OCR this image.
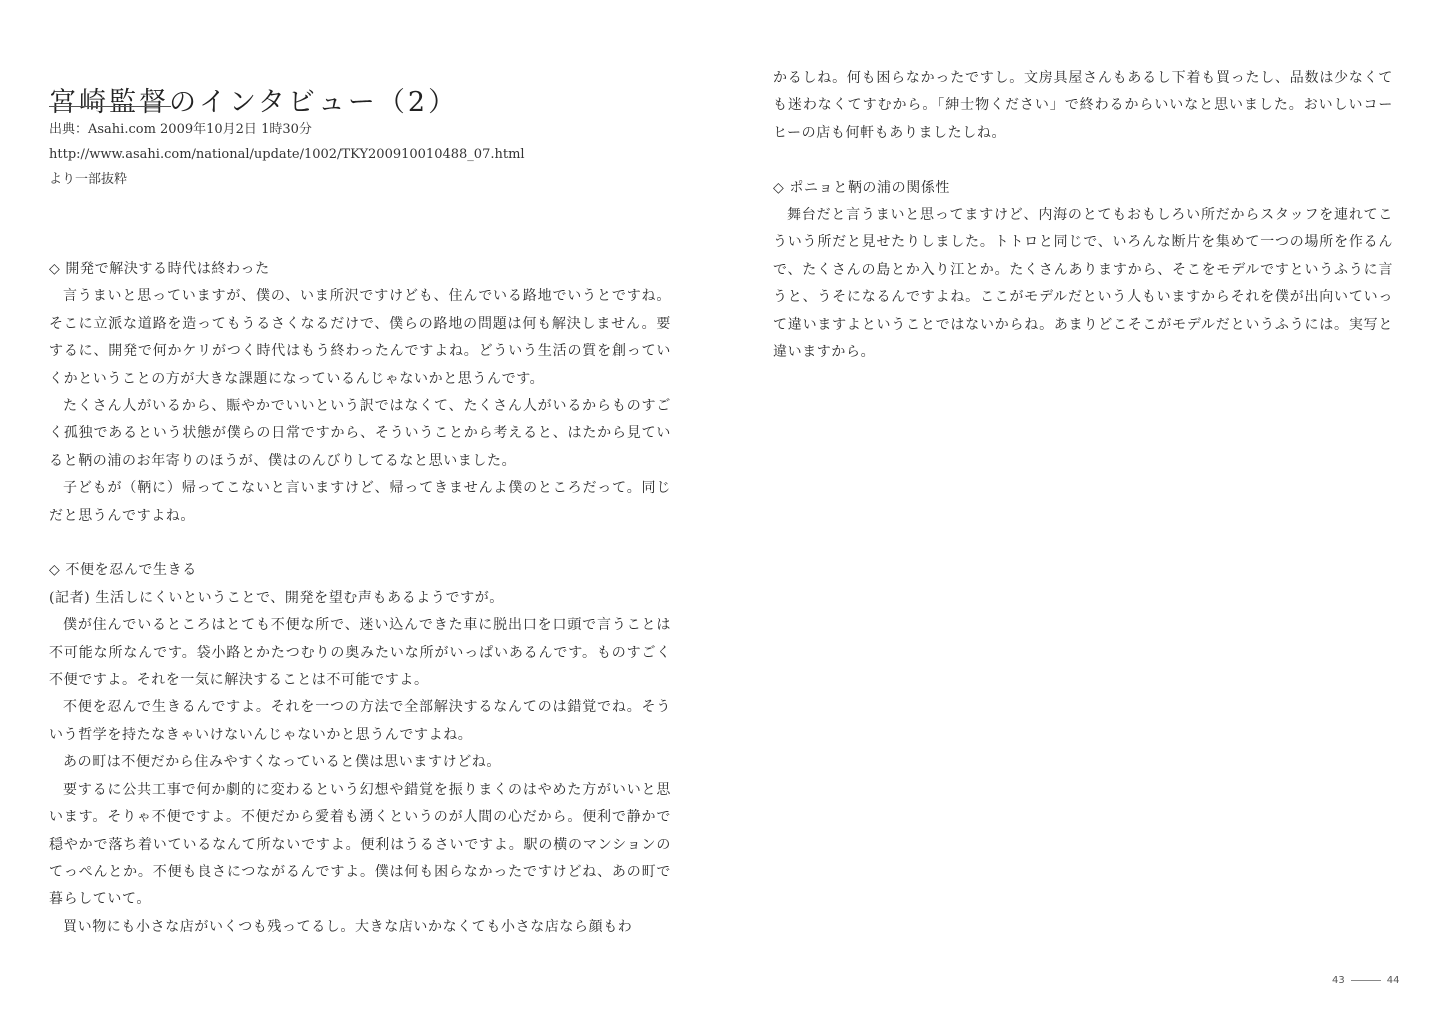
宮崎監督のインタビュー（2）
出典：Asahi.com 2009年10月2日 1時30分
http://www.asahi.com/national/update/1002/TKY200910010488_07.html
より一部抜粋

◇ 開発で解決する時代は終わった

言うまいと思っていますが、僕の、いま所沢ですけども、住んでいる路地でいうとですね。そこに立派な道路を造ってもうるさくなるだけで、僕らの路地の問題は何も解決しません。要するに、開発で何かケリがつく時代はもう終わったんですよね。どういう生活の質を創っていくかということの方が大きな課題になっているんじゃないかと思うんです。

たくさん人がいるから、賑やかでいいという訳ではなくて、たくさん人がいるからものすごく孤独であるという状態が僕らの日常ですから、そういうことから考えると、はたから見ていると鞆の浦のお年寄りのほうが、僕はのんびりしてるなと思いました。

子どもが（鞆に）帰ってこないと言いますけど、帰ってきませんよ僕のところだって。同じだと思うんですよね。

◇ 不便を忍んで生きる

(記者) 生活しにくいということで、開発を望む声もあるようですが。

僕が住んでいるところはとても不便な所で、迷い込んできた車に脱出口を口頭で言うことは不可能な所なんです。袋小路とかたつむりの奥みたいな所がいっぱいあるんです。ものすごく不便ですよ。それを一気に解決することは不可能ですよ。

不便を忍んで生きるんですよ。それを一つの方法で全部解決するなんてのは錯覚でね。そういう哲学を持たなきゃいけないんじゃないかと思うんですよね。

あの町は不便だから住みやすくなっていると僕は思いますけどね。

要するに公共工事で何か劇的に変わるという幻想や錯覚を振りまくのはやめた方がいいと思います。そりゃ不便ですよ。不便だから愛着も湧くというのが人間の心だから。便利で静かで穏やかで落ち着いているなんて所ないですよ。便利はうるさいですよ。駅の横のマンションのてっぺんとか。不便も良さにつながるんですよ。僕は何も困らなかったですけどね、あの町で暮らしていて。

買い物にも小さな店がいくつも残ってるし。大きな店いかなくても小さな店なら顔もわ

かるしね。何も困らなかったですし。文房具屋さんもあるし下着も買ったし、品数は少なくても迷わなくてすむから。「紳士物ください」で終わるからいいなと思いました。おいしいコーヒーの店も何軒もありましたしね。

◇ ポニョと鞆の浦の関係性

舞台だと言うまいと思ってますけど、内海のとてもおもしろい所だからスタッフを連れてこういう所だと見せたりしました。トトロと同じで、いろんな断片を集めて一つの場所を作るんで、たくさんの島とか入り江とか。たくさんありますから、そこをモデルですというふうに言うと、うそになるんですよね。ここがモデルだという人もいますからそれを僕が出向いていって違いますよということではないからね。あまりどこそこがモデルだというふうには。実写と違いますから。

43	44
